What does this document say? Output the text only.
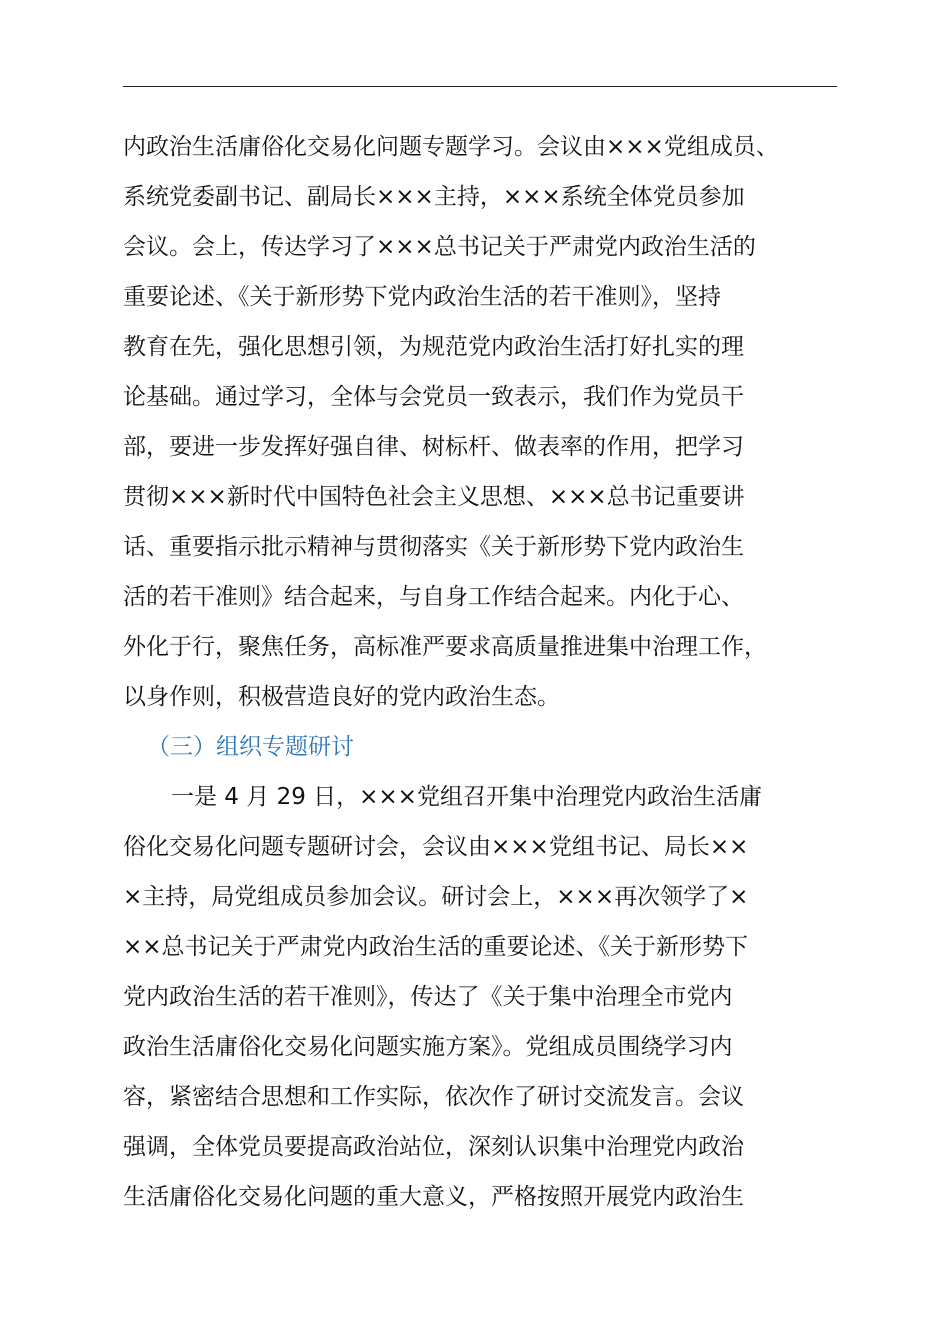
内政治生活庸俗化交易化问题专题学习。会议由×××党组成员、
系统党委副书记、副局长×××主持，×××系统全体党员参加
会议。会上，传达学习了×××总书记关于严肃党内政治生活的
重要论述、《关于新形势下党内政治生活的若干准则》，坚持
教育在先，强化思想引领，为规范党内政治生活打好扎实的理
论基础。通过学习，全体与会党员一致表示，我们作为党员干
部，要进一步发挥好强自律、树标杆、做表率的作用，把学习
贯彻×××新时代中国特色社会主义思想、×××总书记重要讲
话、重要指示批示精神与贯彻落实《关于新形势下党内政治生
活的若干准则》结合起来，与自身工作结合起来。内化于心、
外化于行，聚焦任务，高标准严要求高质量推进集中治理工作，
以身作则，积极营造良好的党内政治生态。
（三）组织专题研讨
一是 4 月 29 日，×××党组召开集中治理党内政治生活庸
俗化交易化问题专题研讨会，会议由×××党组书记、局长××
×主持，局党组成员参加会议。研讨会上，×××再次领学了×
××总书记关于严肃党内政治生活的重要论述、《关于新形势下
党内政治生活的若干准则》，传达了《关于集中治理全市党内
政治生活庸俗化交易化问题实施方案》。党组成员围绕学习内
容，紧密结合思想和工作实际，依次作了研讨交流发言。会议
强调，全体党员要提高政治站位，深刻认识集中治理党内政治
生活庸俗化交易化问题的重大意义，严格按照开展党内政治生
